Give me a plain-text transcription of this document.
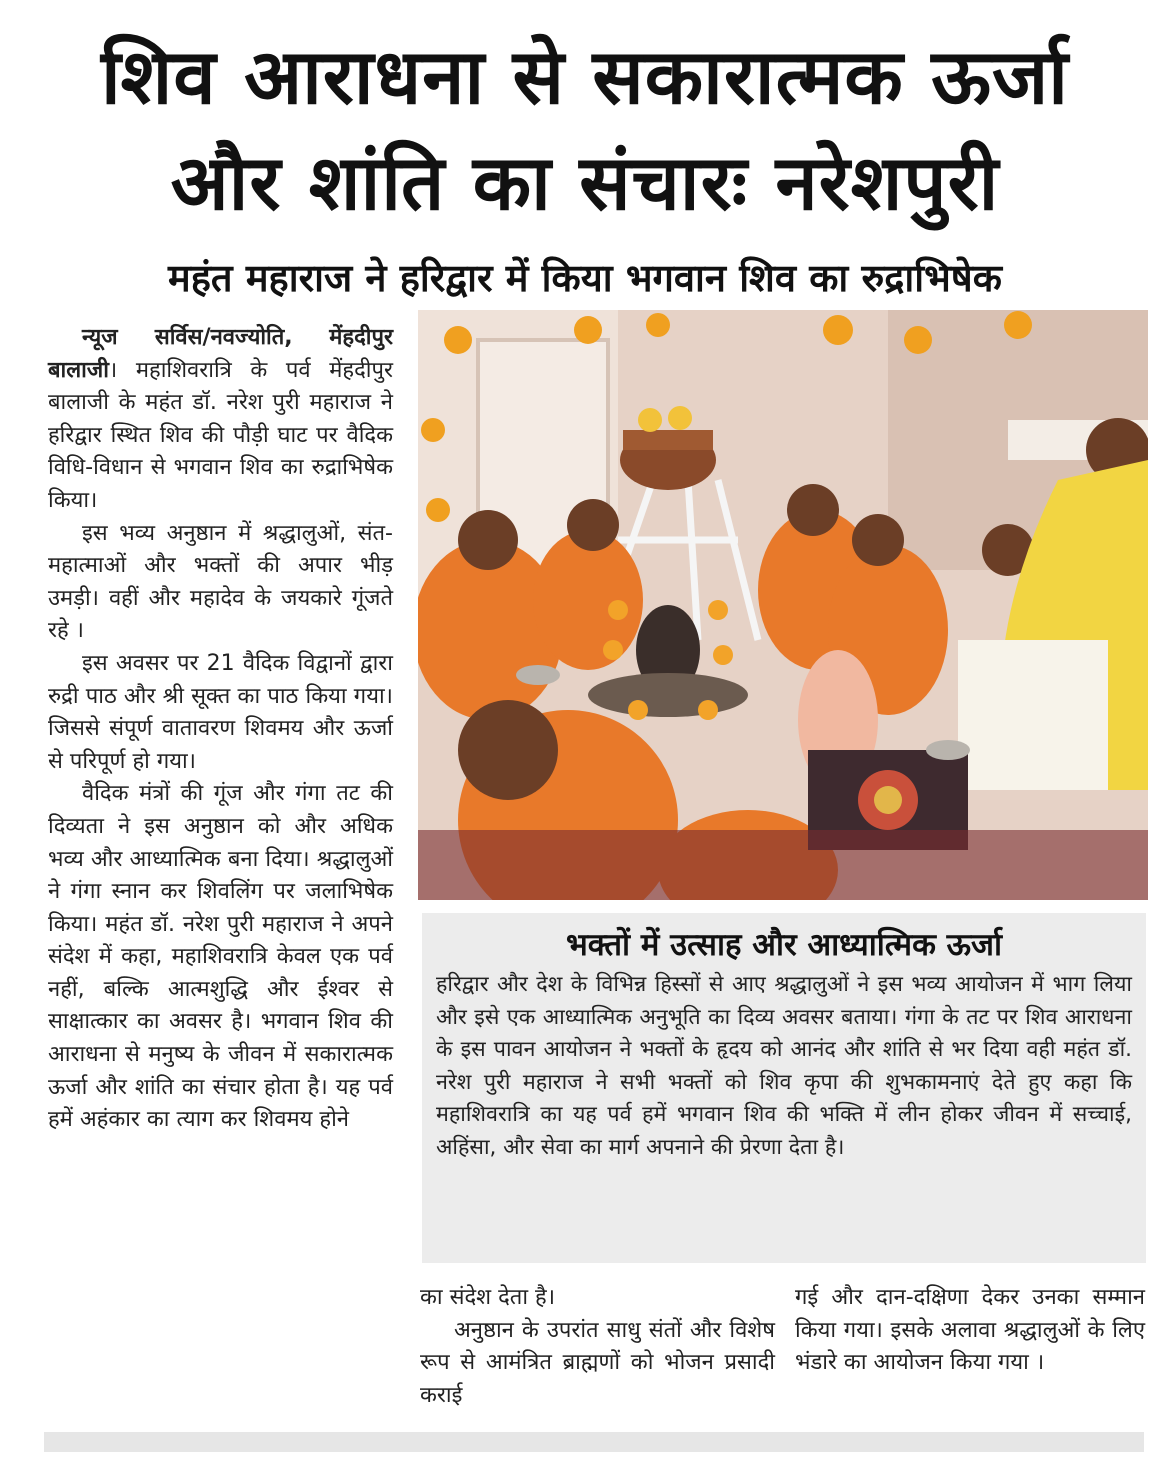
शिव आराधना से सकारात्मक ऊर्जा
और शांति का संचारः नरेशपुरी
महंत महाराज ने हरिद्वार में किया भगवान शिव का रुद्राभिषेक

न्यूज सर्विस/नवज्योति, मेंहदीपुर बालाजी। महाशिवरात्रि के पर्व मेंहदीपुर बालाजी के महंत डॉ. नरेश पुरी महाराज ने हरिद्वार स्थित शिव की पौड़ी घाट पर वैदिक विधि-विधान से भगवान शिव का रुद्राभिषेक किया।

इस भव्य अनुष्ठान में श्रद्धालुओं, संत-महात्माओं और भक्तों की अपार भीड़ उमड़ी। वहीं और महादेव के जयकारे गूंजते रहे ।

इस अवसर पर 21 वैदिक विद्वानों द्वारा रुद्री पाठ और श्री सूक्त का पाठ किया गया। जिससे संपूर्ण वातावरण शिवमय और ऊर्जा से परिपूर्ण हो गया।

वैदिक मंत्रों की गूंज और गंगा तट की दिव्यता ने इस अनुष्ठान को और अधिक भव्य और आध्यात्मिक बना दिया। श्रद्धालुओं ने गंगा स्नान कर शिवलिंग पर जलाभिषेक किया। महंत डॉ. नरेश पुरी महाराज ने अपने संदेश में कहा, महाशिवरात्रि केवल एक पर्व नहीं, बल्कि आत्मशुद्धि और ईश्वर से साक्षात्कार का अवसर है। भगवान शिव की आराधना से मनुष्य के जीवन में सकारात्मक ऊर्जा और शांति का संचार होता है। यह पर्व हमें अहंकार का त्याग कर शिवमय होने

भक्तों में उत्साह और आध्यात्मिक ऊर्जा

हरिद्वार और देश के विभिन्न हिस्सों से आए श्रद्धालुओं ने इस भव्य आयोजन में भाग लिया और इसे एक आध्यात्मिक अनुभूति का दिव्य अवसर बताया। गंगा के तट पर शिव आराधना के इस पावन आयोजन ने भक्तों के हृदय को आनंद और शांति से भर दिया वही महंत डॉ. नरेश पुरी महाराज ने सभी भक्तों को शिव कृपा की शुभकामनाएं देते हुए कहा कि महाशिवरात्रि का यह पर्व हमें भगवान शिव की भक्ति में लीन होकर जीवन में सच्चाई, अहिंसा, और सेवा का मार्ग अपनाने की प्रेरणा देता है।

का संदेश देता है।

अनुष्ठान के उपरांत साधु संतों और विशेष रूप से आमंत्रित ब्राह्मणों को भोजन प्रसादी कराई

गई और दान-दक्षिणा देकर उनका सम्मान किया गया। इसके अलावा श्रद्धालुओं के लिए भंडारे का आयोजन किया गया ।
